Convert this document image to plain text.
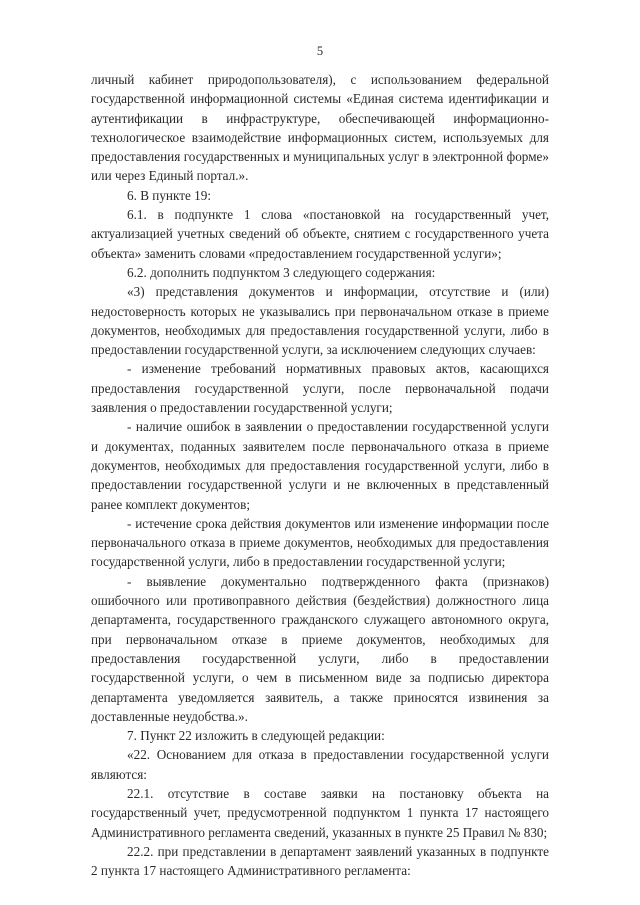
5

личный кабинет природопользователя), с использованием федеральной государственной информационной системы «Единая система идентификации и аутентификации в инфраструктуре, обеспечивающей информационно-технологическое взаимодействие информационных систем, используемых для предоставления государственных и муниципальных услуг в электронной форме» или через Единый портал.».

6. В пункте 19:

6.1. в подпункте 1 слова «постановкой на государственный учет, актуализацией учетных сведений об объекте, снятием с государственного учета объекта» заменить словами «предоставлением государственной услуги»;

6.2. дополнить подпунктом 3 следующего содержания:

«3) представления документов и информации, отсутствие и (или) недостоверность которых не указывались при первоначальном отказе в приеме документов, необходимых для предоставления государственной услуги, либо в предоставлении государственной услуги, за исключением следующих случаев:

- изменение требований нормативных правовых актов, касающихся предоставления государственной услуги, после первоначальной подачи заявления о предоставлении государственной услуги;

- наличие ошибок в заявлении о предоставлении государственной услуги и документах, поданных заявителем после первоначального отказа в приеме документов, необходимых для предоставления государственной услуги, либо в предоставлении государственной услуги и не включенных в представленный ранее комплект документов;

- истечение срока действия документов или изменение информации после первоначального отказа в приеме документов, необходимых для предоставления государственной услуги, либо в предоставлении государственной услуги;

- выявление документально подтвержденного факта (признаков) ошибочного или противоправного действия (бездействия) должностного лица департамента, государственного гражданского служащего автономного округа, при первоначальном отказе в приеме документов, необходимых для предоставления государственной услуги, либо в предоставлении государственной услуги, о чем в письменном виде за подписью директора департамента уведомляется заявитель, а также приносятся извинения за доставленные неудобства.».

7. Пункт 22 изложить в следующей редакции:

«22. Основанием для отказа в предоставлении государственной услуги являются:

22.1. отсутствие в составе заявки на постановку объекта на государственный учет, предусмотренной подпунктом 1 пункта 17 настоящего Административного регламента сведений, указанных в пункте 25 Правил № 830;

22.2. при представлении в департамент заявлений указанных в подпункте 2 пункта 17 настоящего Административного регламента:
